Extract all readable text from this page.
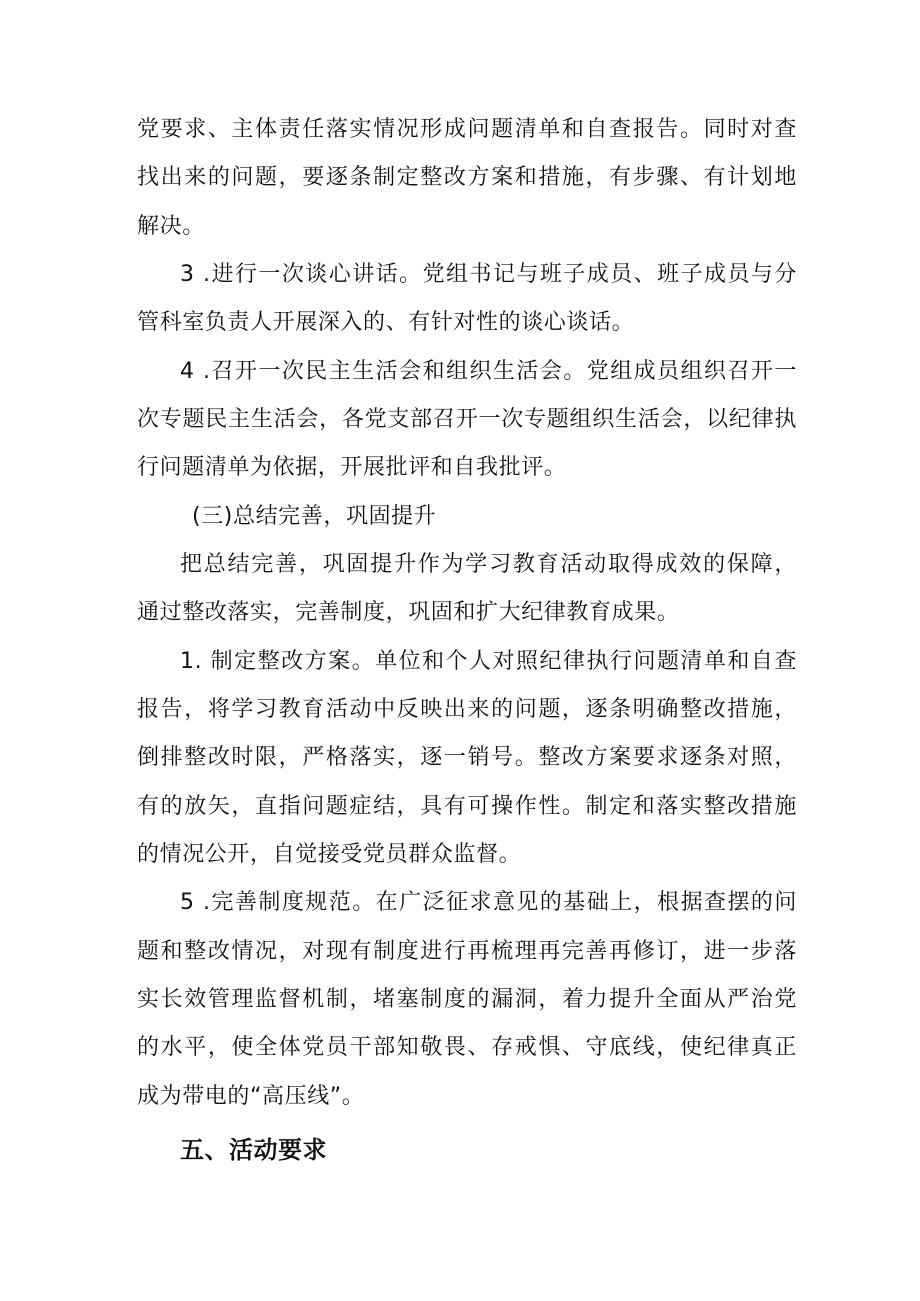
党要求、主体责任落实情况形成问题清单和自查报告。同时对查
找出来的问题，要逐条制定整改方案和措施，有步骤、有计划地
解决。
3 .进行一次谈心讲话。党组书记与班子成员、班子成员与分
管科室负责人开展深入的、有针对性的谈心谈话。
4 .召开一次民主生活会和组织生活会。党组成员组织召开一
次专题民主生活会，各党支部召开一次专题组织生活会，以纪律执
行问题清单为依据，开展批评和自我批评。
(三)总结完善，巩固提升
把总结完善，巩固提升作为学习教育活动取得成效的保障，
通过整改落实，完善制度，巩固和扩大纪律教育成果。
1. 制定整改方案。单位和个人对照纪律执行问题清单和自查
报告，将学习教育活动中反映出来的问题，逐条明确整改措施，
倒排整改时限，严格落实，逐一销号。整改方案要求逐条对照，
有的放矢，直指问题症结，具有可操作性。制定和落实整改措施
的情况公开，自觉接受党员群众监督。
5 .完善制度规范。在广泛征求意见的基础上，根据查摆的问
题和整改情况，对现有制度进行再梳理再完善再修订，进一步落
实长效管理监督机制，堵塞制度的漏洞，着力提升全面从严治党
的水平，使全体党员干部知敬畏、存戒惧、守底线，使纪律真正
成为带电的“高压线”。
五、活动要求
